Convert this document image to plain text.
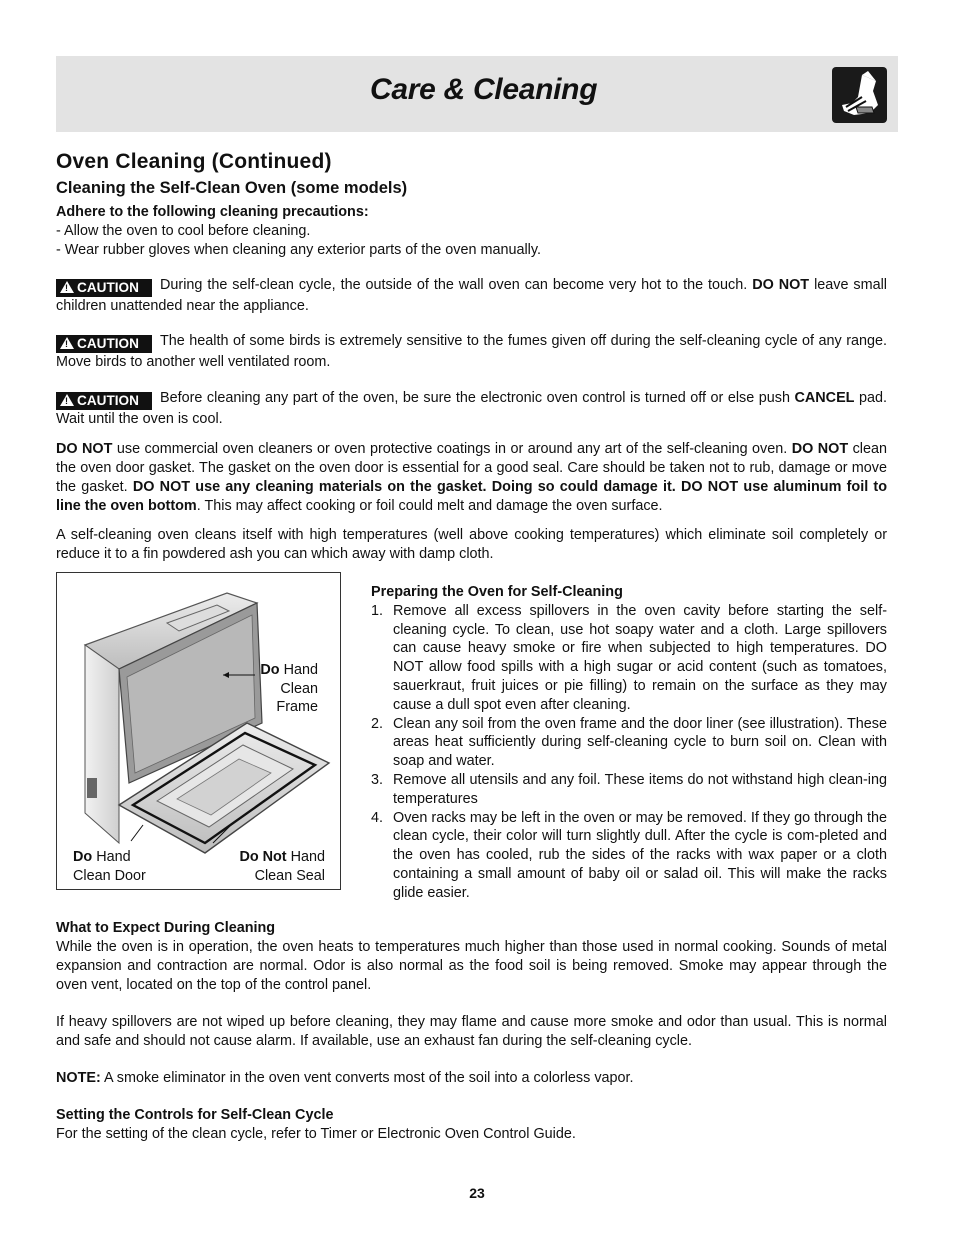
Care & Cleaning
Oven Cleaning (Continued)
Cleaning the Self-Clean Oven (some models)
Adhere to the following cleaning precautions:
- Allow the oven to cool before cleaning.
- Wear rubber gloves when cleaning any exterior parts of the oven manually.
! CAUTION During the self-clean cycle, the outside of the wall oven can become very hot to the touch. DO NOT leave small children unattended near the appliance.
! CAUTION The health of some birds is extremely sensitive to the fumes given off during the self-cleaning cycle of any range. Move birds to another well ventilated room.
! CAUTION Before cleaning any part of the oven, be sure the electronic oven control is turned off or else push CANCEL pad. Wait until the oven is cool.
DO NOT use commercial oven cleaners or oven protective coatings in or around any art of the self-cleaning oven. DO NOT clean the oven door gasket. The gasket on the oven door is essential for a good seal. Care should be taken not to rub, damage or move the gasket. DO NOT use any cleaning materials on the gasket. Doing so could damage it. DO NOT use aluminum foil to line the oven bottom. This may affect cooking or foil could melt and damage the oven surface.
A self-cleaning oven cleans itself with high temperatures (well above cooking temperatures) which eliminate soil completely or reduce it to a fin powdered ash you can which away with damp cloth.
Do Hand
Clean
Frame
Do Hand
Clean Door
Do Not Hand
Clean Seal
Preparing the Oven for Self-Cleaning
1. Remove all excess spillovers in the oven cavity before starting the self-cleaning cycle. To clean, use hot soapy water and a cloth. Large spillovers can cause heavy smoke or fire when subjected to high temperatures. DO NOT allow food spills with a high sugar or acid content (such as tomatoes, sauerkraut, fruit juices or pie filling) to remain on the surface as they may cause a dull spot even after cleaning.
2. Clean any soil from the oven frame and the door liner (see illustration). These areas heat sufficiently during self-cleaning cycle to burn soil on. Clean with soap and water.
3. Remove all utensils and any foil. These items do not withstand high clean-ing temperatures
4. Oven racks may be left in the oven or may be removed. If they go through the clean cycle, their color will turn slightly dull. After the cycle is com-pleted and the oven has cooled, rub the sides of the racks with wax paper or a cloth containing a small amount of baby oil or salad oil. This will make the racks glide easier.
What to Expect During Cleaning
While the oven is in operation, the oven heats to temperatures much higher than those used in normal cooking. Sounds of metal expansion and contraction are normal. Odor is also normal as the food soil is being removed. Smoke may appear through the oven vent, located on the top of the control panel.
If heavy spillovers are not wiped up before cleaning, they may flame and cause more smoke and odor than usual. This is normal and safe and should not cause alarm. If available, use an exhaust fan during the self-cleaning cycle.
NOTE: A smoke eliminator in the oven vent converts most of the soil into a colorless vapor.
Setting the Controls for Self-Clean Cycle
For the setting of the clean cycle, refer to Timer or Electronic Oven Control Guide.
23
